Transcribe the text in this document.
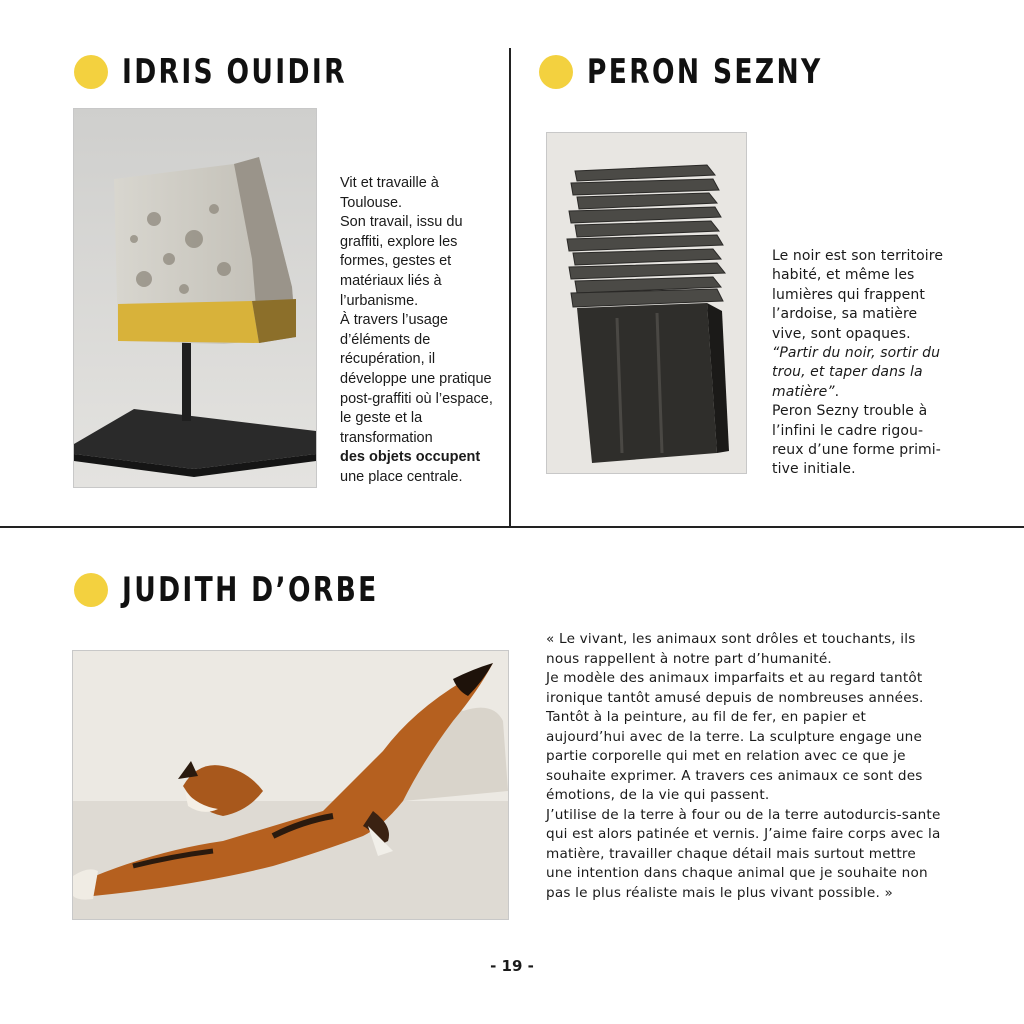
IDRIS OUIDIR

Vit et travaille à Toulouse.

Son travail, issu du graffiti, explore les formes, gestes et matériaux liés à l’urbanisme.

À travers l’usage d’éléments de récupération, il développe une pratique post-graffiti où l’espace, le geste et la transformation

des objets occupent

une place centrale.

PERON SEZNY

Le noir est son territoire habité, et même les lumières qui frappent l’ardoise, sa matière vive, sont opaques.

“Partir du noir, sortir du trou, et taper dans la matière”.

Peron Sezny trouble à l’infini le cadre rigou-reux d’une forme primi-tive initiale.

JUDITH D’ORBE

« Le vivant, les animaux sont drôles et touchants, ils nous rappellent à notre part d’humanité.

Je modèle des animaux imparfaits et au regard tantôt ironique tantôt amusé depuis de nombreuses années. Tantôt à la peinture, au fil de fer, en papier et aujourd’hui avec de la terre. La sculpture engage une partie corporelle qui met en relation avec ce que je souhaite exprimer. A travers ces animaux ce sont des émotions, de la vie qui passent.

J’utilise de la terre à four ou de la terre autodurcis-sante qui est alors patinée et vernis. J’aime faire corps avec la matière, travailler chaque détail mais surtout mettre une intention dans chaque animal que je souhaite non pas le plus réaliste mais le plus vivant possible. »

- 19 -
